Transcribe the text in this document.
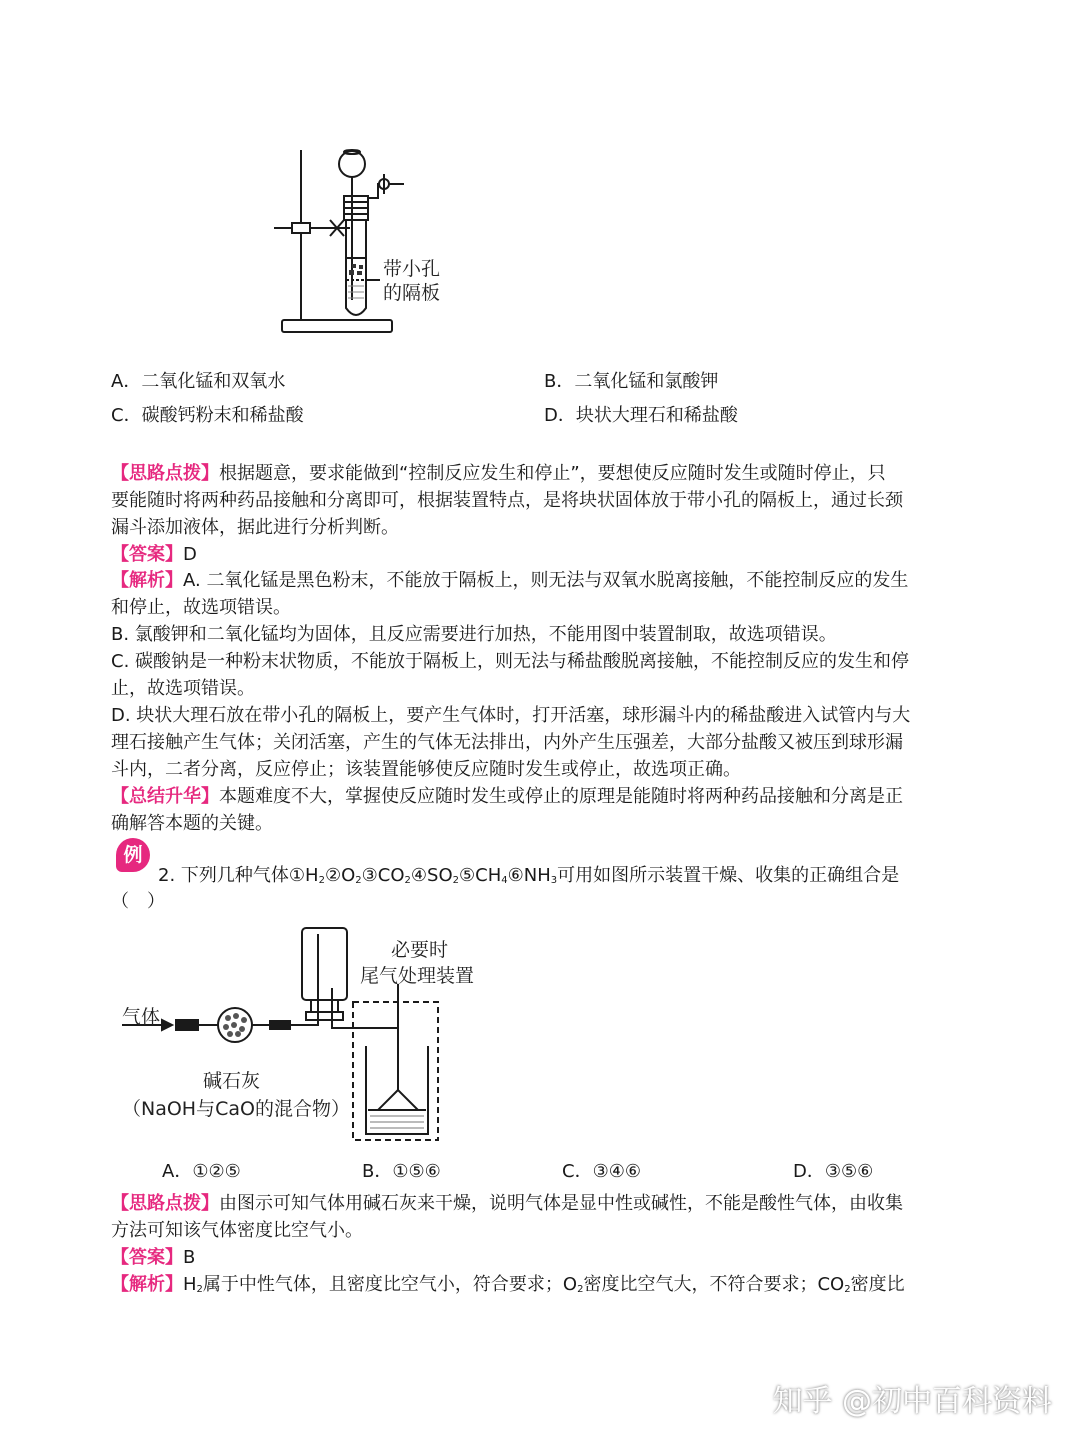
带小孔
的隔板
A．二氧化锰和双氧水	B．二氧化锰和氯酸钾
C．碳酸钙粉末和稀盐酸	D．块状大理石和稀盐酸
【思路点拨】根据题意，要求能做到“控制反应发生和停止”，要想使反应随时发生或随时停止，只
要能随时将两种药品接触和分离即可，根据装置特点，是将块状固体放于带小孔的隔板上，通过长颈
漏斗添加液体，据此进行分析判断。
【答案】D
【解析】A. 二氧化锰是黑色粉末，不能放于隔板上，则无法与双氧水脱离接触，不能控制反应的发生
和停止，故选项错误。
B. 氯酸钾和二氧化锰均为固体，且反应需要进行加热，不能用图中装置制取，故选项错误。
C. 碳酸钠是一种粉末状物质，不能放于隔板上，则无法与稀盐酸脱离接触，不能控制反应的发生和停
止，故选项错误。
D. 块状大理石放在带小孔的隔板上，要产生气体时，打开活塞，球形漏斗内的稀盐酸进入试管内与大
理石接触产生气体；关闭活塞，产生的气体无法排出，内外产生压强差，大部分盐酸又被压到球形漏
斗内，二者分离，反应停止；该装置能够使反应随时发生或停止，故选项正确。
【总结升华】本题难度不大，掌握使反应随时发生或停止的原理是能随时将两种药品接触和分离是正
确解答本题的关键。
例
2. 下列几种气体$①H_2②O_2③CO_2④SO_2⑤CH_4⑥NH_3$可用如图所示装置干燥、收集的正确组合是
（　）
气体
必要时
尾气处理装置
碱石灰
（NaOH与CaO的混合物）
A．①②⑤	B．①⑤⑥	C．③④⑥	D．③⑤⑥
【思路点拨】由图示可知气体用碱石灰来干燥，说明气体是显中性或碱性，不能是酸性气体，由收集
方法可知该气体密度比空气小。
【答案】B
【解析】$H_2$属于中性气体，且密度比空气小，符合要求；$O_2$密度比空气大，不符合要求；$CO_2$密度比
知乎 @初中百科资料
